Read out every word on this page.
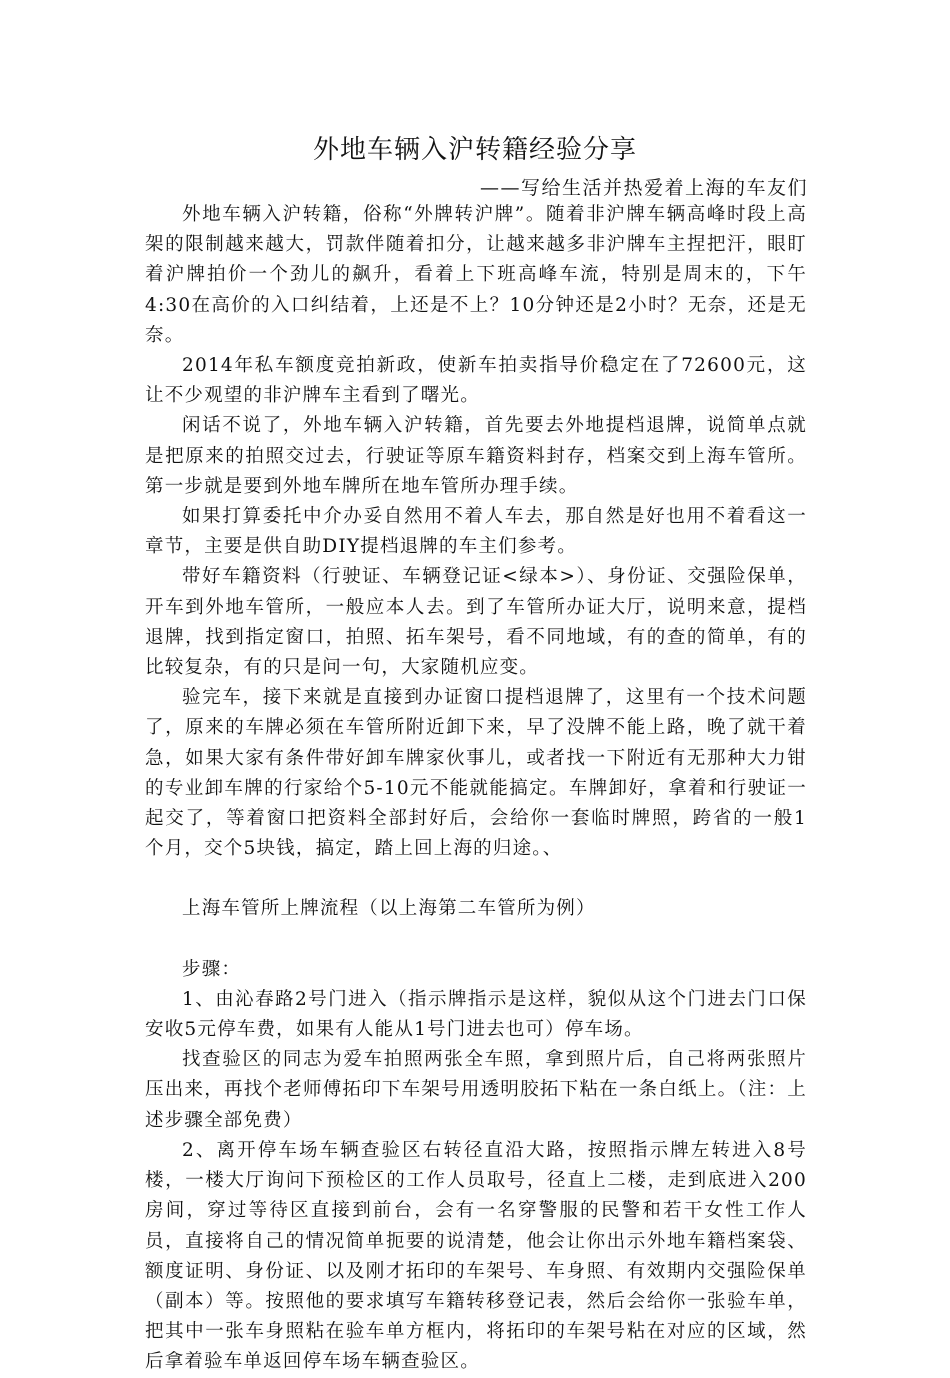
外地车辆入沪转籍经验分享
——写给生活并热爱着上海的车友们

外地车辆入沪转籍，俗称“外牌转沪牌”。随着非沪牌车辆高峰时段上高架的限制越来越大，罚款伴随着扣分，让越来越多非沪牌车主捏把汗，眼盯着沪牌拍价一个劲儿的飙升，看着上下班高峰车流，特别是周末的，下午4:30在高价的入口纠结着，上还是不上？10分钟还是2小时？无奈，还是无奈。

2014年私车额度竞拍新政，使新车拍卖指导价稳定在了72600元，这让不少观望的非沪牌车主看到了曙光。

闲话不说了，外地车辆入沪转籍，首先要去外地提档退牌，说简单点就是把原来的拍照交过去，行驶证等原车籍资料封存，档案交到上海车管所。第一步就是要到外地车牌所在地车管所办理手续。

如果打算委托中介办妥自然用不着人车去，那自然是好也用不着看这一章节，主要是供自助DIY提档退牌的车主们参考。

带好车籍资料（行驶证、车辆登记证<绿本>）、身份证、交强险保单，开车到外地车管所，一般应本人去。到了车管所办证大厅，说明来意，提档退牌，找到指定窗口，拍照、拓车架号，看不同地域，有的查的简单，有的比较复杂，有的只是问一句，大家随机应变。

验完车，接下来就是直接到办证窗口提档退牌了，这里有一个技术问题了，原来的车牌必须在车管所附近卸下来，早了没牌不能上路，晚了就干着急，如果大家有条件带好卸车牌家伙事儿，或者找一下附近有无那种大力钳的专业卸车牌的行家给个5-10元不能就能搞定。车牌卸好，拿着和行驶证一起交了，等着窗口把资料全部封好后，会给你一套临时牌照，跨省的一般1个月，交个5块钱，搞定，踏上回上海的归途。、

上海车管所上牌流程（以上海第二车管所为例）

步骤：

1、由沁春路2号门进入（指示牌指示是这样，貌似从这个门进去门口保安收5元停车费，如果有人能从1号门进去也可）停车场。

找查验区的同志为爱车拍照两张全车照，拿到照片后，自己将两张照片压出来，再找个老师傅拓印下车架号用透明胶拓下粘在一条白纸上。（注：上述步骤全部免费）

2、离开停车场车辆查验区右转径直沿大路，按照指示牌左转进入8号楼，一楼大厅询问下预检区的工作人员取号，径直上二楼，走到底进入200房间，穿过等待区直接到前台，会有一名穿警服的民警和若干女性工作人员，直接将自己的情况简单扼要的说清楚，他会让你出示外地车籍档案袋、额度证明、身份证、以及刚才拓印的车架号、车身照、有效期内交强险保单（副本）等。按照他的要求填写车籍转移登记表，然后会给你一张验车单，把其中一张车身照粘在验车单方框内，将拓印的车架号粘在对应的区域，然后拿着验车单返回停车场车辆查验区。
